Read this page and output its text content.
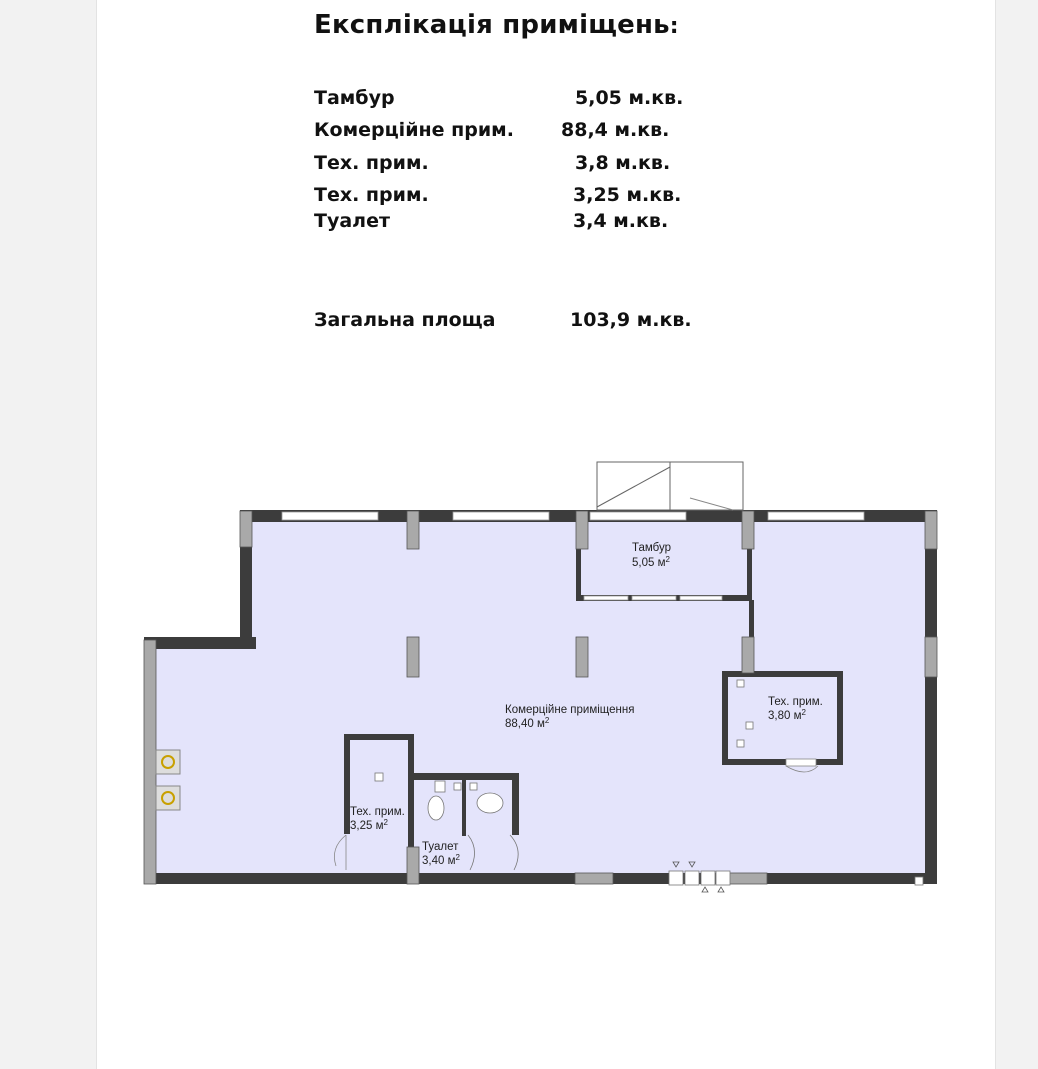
Експлікація приміщень:
Тамбур	5,05 м.кв.
Комерційне прим. 88,4 м.кв.
Тех. прим.	3,8 м.кв.
Тех. прим.	3,25 м.кв.
Туалет	3,4 м.кв.
Загальна площа	103,9 м.кв.
Тамбур
5,05 $м^2$
Комерційне приміщення
88,40 $м^2$
Тех. прим.
3,80 $м^2$
Тех. прим.
3,25 $м^2$
Туалет
3,40 $м^2$
